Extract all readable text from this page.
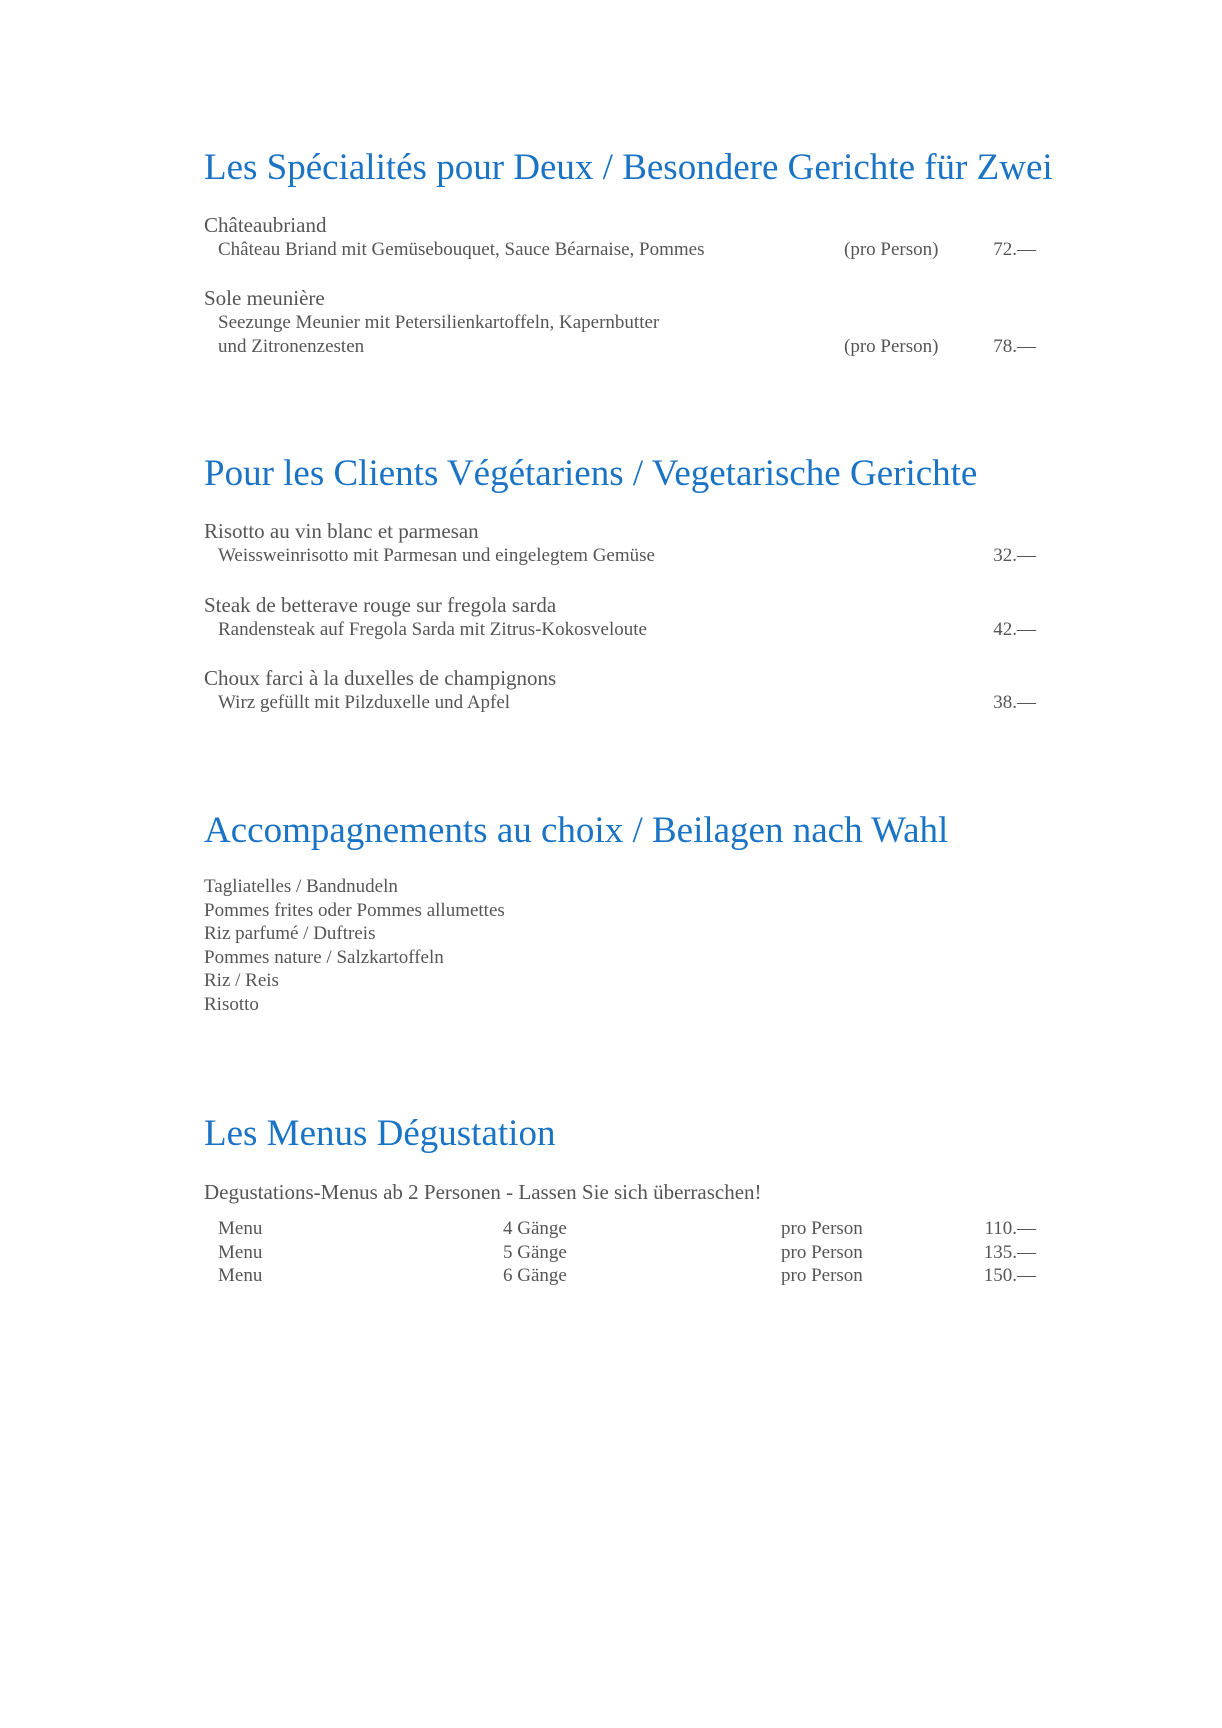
Les Spécialités pour Deux / Besondere Gerichte für Zwei
Châteaubriand
Château Briand mit Gemüsebouquet, Sauce Béarnaise, Pommes	(pro Person)	72.—
Sole meunière
Seezunge Meunier mit Petersilienkartoffeln, Kapernbutter
und Zitronenzesten	(pro Person)	78.—
Pour les Clients Végétariens / Vegetarische Gerichte
Risotto au vin blanc et parmesan
Weissweinrisotto mit Parmesan und eingelegtem Gemüse	32.—
Steak de betterave rouge sur fregola sarda
Randensteak auf Fregola Sarda mit Zitrus-Kokosveloute	42.—
Choux farci à la duxelles de champignons
Wirz gefüllt mit Pilzduxelle und Apfel	38.—
Accompagnements au choix / Beilagen nach Wahl
Tagliatelles / Bandnudeln
Pommes frites oder Pommes allumettes
Riz parfumé / Duftreis
Pommes nature / Salzkartoffeln
Riz / Reis
Risotto
Les Menus Dégustation
Degustations-Menus ab 2 Personen - Lassen Sie sich überraschen!
Menu	4 Gänge	pro Person	110.—
Menu	5 Gänge	pro Person	135.—
Menu	6 Gänge	pro Person	150.—
